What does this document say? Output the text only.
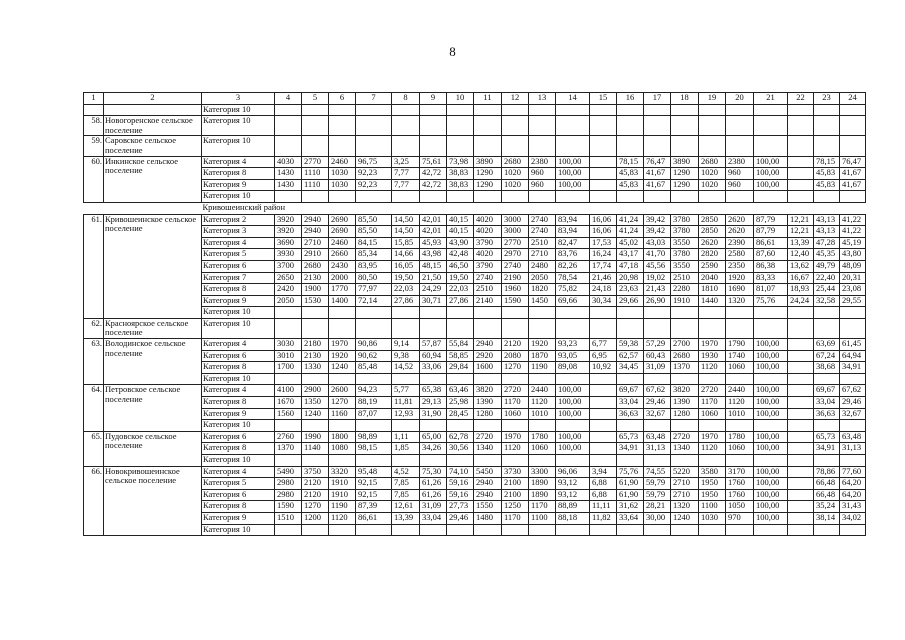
8
1	2	3	4	5	6	7	8	9	10	11	12	13	14	15	16	17	18	19	20	21	22	23	24
		Категория 10																					
58.	Новогоренское сельское поселение	Категория 10																					
59.	Саровское сельское поселение	Категория 10																					
60.	Инкинское сельское поселение	Категория 4	4030	2770	2460	96,75	3,25	75,61	73,98	3890	2680	2380	100,00		78,15	76,47	3890	2680	2380	100,00		78,15	76,47
		Категория 8	1430	1110	1030	92,23	7,77	42,72	38,83	1290	1020	960	100,00		45,83	41,67	1290	1020	960	100,00		45,83	41,67
		Категория 9	1430	1110	1030	92,23	7,77	42,72	38,83	1290	1020	960	100,00		45,83	41,67	1290	1020	960	100,00		45,83	41,67
		Категория 10																					
		Кривошеинский район																					
61.	Кривошеинское сельское поселение	Категория 2	3920	2940	2690	85,50	14,50	42,01	40,15	4020	3000	2740	83,94	16,06	41,24	39,42	3780	2850	2620	87,79	12,21	43,13	41,22
		Категория 3	3920	2940	2690	85,50	14,50	42,01	40,15	4020	3000	2740	83,94	16,06	41,24	39,42	3780	2850	2620	87,79	12,21	43,13	41,22
		Категория 4	3690	2710	2460	84,15	15,85	45,93	43,90	3790	2770	2510	82,47	17,53	45,02	43,03	3550	2620	2390	86,61	13,39	47,28	45,19
		Категория 5	3930	2910	2660	85,34	14,66	43,98	42,48	4020	2970	2710	83,76	16,24	43,17	41,70	3780	2820	2580	87,60	12,40	45,35	43,80
		Категория 6	3700	2680	2430	83,95	16,05	48,15	46,50	3790	2740	2480	82,26	17,74	47,18	45,56	3550	2590	2350	86,38	13,62	49,79	48,09
		Категория 7	2650	2130	2000	80,50	19,50	21,50	19,50	2740	2190	2050	78,54	21,46	20,98	19,02	2510	2040	1920	83,33	16,67	22,40	20,31
		Категория 8	2420	1900	1770	77,97	22,03	24,29	22,03	2510	1960	1820	75,82	24,18	23,63	21,43	2280	1810	1690	81,07	18,93	25,44	23,08
		Категория 9	2050	1530	1400	72,14	27,86	30,71	27,86	2140	1590	1450	69,66	30,34	29,66	26,90	1910	1440	1320	75,76	24,24	32,58	29,55
		Категория 10																					
62.	Красноярское сельское поселение	Категория 10																					
63.	Володинское сельское поселение	Категория 4	3030	2180	1970	90,86	9,14	57,87	55,84	2940	2120	1920	93,23	6,77	59,38	57,29	2700	1970	1790	100,00		63,69	61,45
		Категория 6	3010	2130	1920	90,62	9,38	60,94	58,85	2920	2080	1870	93,05	6,95	62,57	60,43	2680	1930	1740	100,00		67,24	64,94
		Категория 8	1700	1330	1240	85,48	14,52	33,06	29,84	1600	1270	1190	89,08	10,92	34,45	31,09	1370	1120	1060	100,00		38,68	34,91
		Категория 10																					
64.	Петровское сельское поселение	Категория 4	4100	2900	2600	94,23	5,77	65,38	63,46	3820	2720	2440	100,00		69,67	67,62	3820	2720	2440	100,00		69,67	67,62
		Категория 8	1670	1350	1270	88,19	11,81	29,13	25,98	1390	1170	1120	100,00		33,04	29,46	1390	1170	1120	100,00		33,04	29,46
		Категория 9	1560	1240	1160	87,07	12,93	31,90	28,45	1280	1060	1010	100,00		36,63	32,67	1280	1060	1010	100,00		36,63	32,67
		Категория 10																					
65.	Пудовское сельское поселение	Категория 6	2760	1990	1800	98,89	1,11	65,00	62,78	2720	1970	1780	100,00		65,73	63,48	2720	1970	1780	100,00		65,73	63,48
		Категория 8	1370	1140	1080	98,15	1,85	34,26	30,56	1340	1120	1060	100,00		34,91	31,13	1340	1120	1060	100,00		34,91	31,13
		Категория 10																					
66.	Новокривошеинское сельское поселение	Категория 4	5490	3750	3320	95,48	4,52	75,30	74,10	5450	3730	3300	96,06	3,94	75,76	74,55	5220	3580	3170	100,00		78,86	77,60
		Категория 5	2980	2120	1910	92,15	7,85	61,26	59,16	2940	2100	1890	93,12	6,88	61,90	59,79	2710	1950	1760	100,00		66,48	64,20
		Категория 6	2980	2120	1910	92,15	7,85	61,26	59,16	2940	2100	1890	93,12	6,88	61,90	59,79	2710	1950	1760	100,00		66,48	64,20
		Категория 8	1590	1270	1190	87,39	12,61	31,09	27,73	1550	1250	1170	88,89	11,11	31,62	28,21	1320	1100	1050	100,00		35,24	31,43
		Категория 9	1510	1200	1120	86,61	13,39	33,04	29,46	1480	1170	1100	88,18	11,82	33,64	30,00	1240	1030	970	100,00		38,14	34,02
		Категория 10																					
